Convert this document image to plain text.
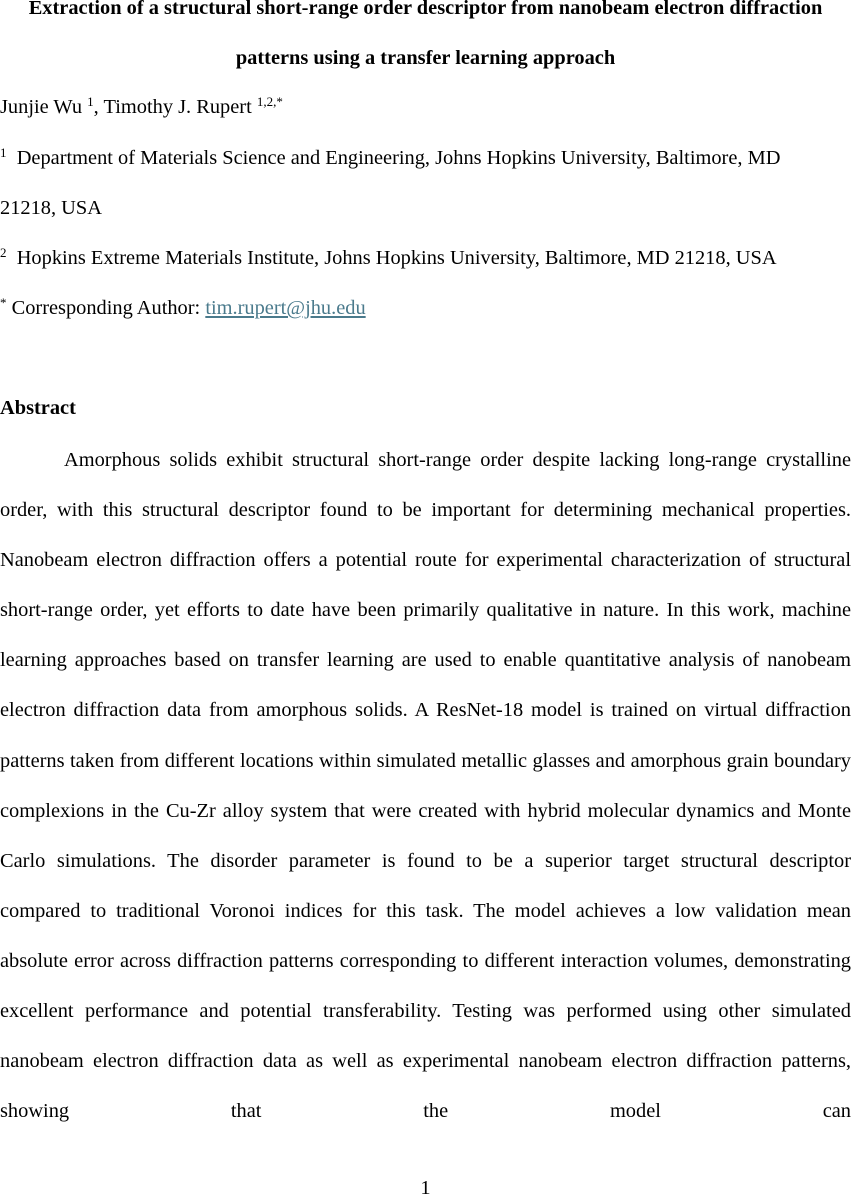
Extraction of a structural short-range order descriptor from nanobeam electron diffraction
patterns using a transfer learning approach
Junjie Wu $^1$, Timothy J. Rupert $^{1,2,*}$
$^1$ Department of Materials Science and Engineering, Johns Hopkins University, Baltimore, MD
21218, USA
$^2$ Hopkins Extreme Materials Institute, Johns Hopkins University, Baltimore, MD 21218, USA
* Corresponding Author: tim.rupert@jhu.edu
Abstract

Amorphous solids exhibit structural short-range order despite lacking long-range crystalline order, with this structural descriptor found to be important for determining mechanical properties. Nanobeam electron diffraction offers a potential route for experimental characterization of structural short-range order, yet efforts to date have been primarily qualitative in nature. In this work, machine learning approaches based on transfer learning are used to enable quantitative analysis of nanobeam electron diffraction data from amorphous solids. A ResNet-18 model is trained on virtual diffraction patterns taken from different locations within simulated metallic glasses and amorphous grain boundary complexions in the Cu-Zr alloy system that were created with hybrid molecular dynamics and Monte Carlo simulations. The disorder parameter is found to be a superior target structural descriptor compared to traditional Voronoi indices for this task. The model achieves a low validation mean absolute error across diffraction patterns corresponding to different interaction volumes, demonstrating excellent performance and potential transferability. Testing was performed using other simulated nanobeam electron diffraction data as well as experimental nanobeam electron diffraction patterns, showing that the model can

1
